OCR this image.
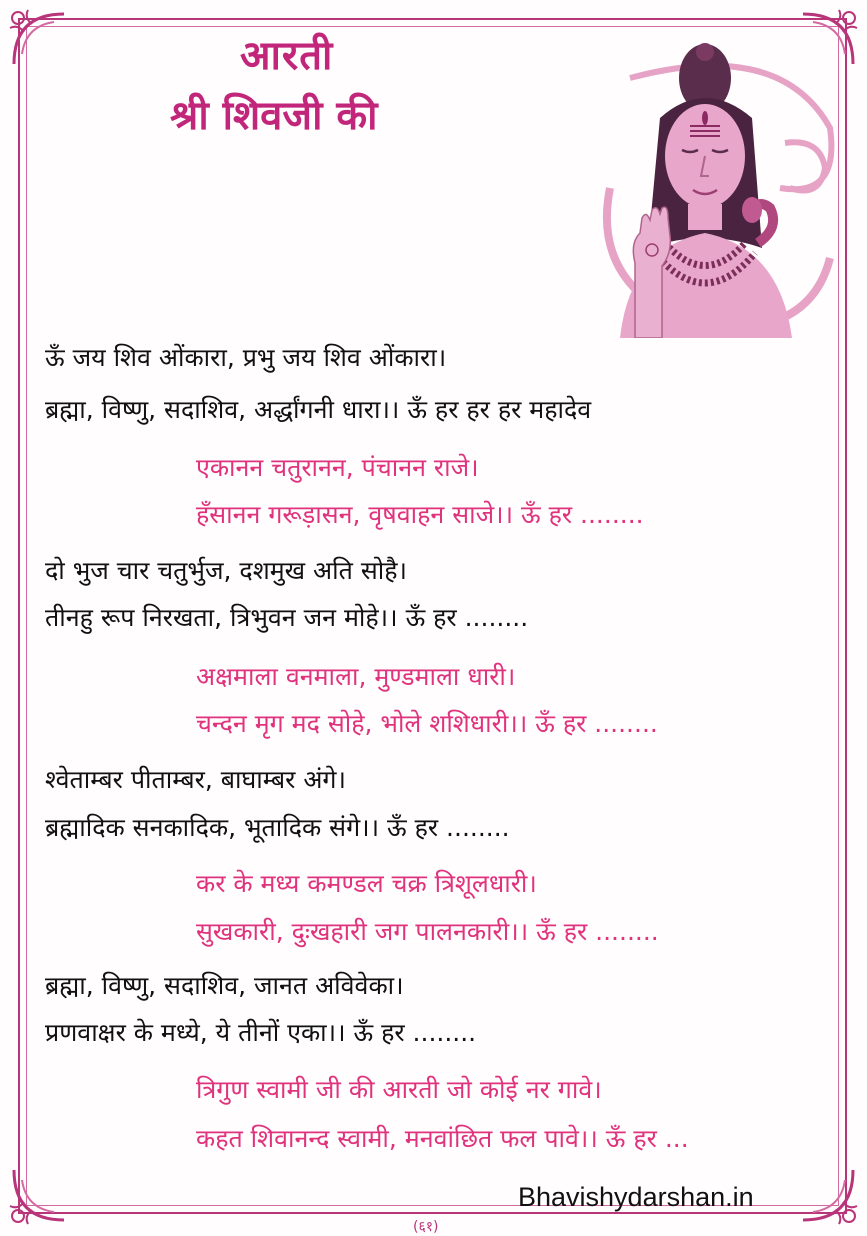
आरती
श्री शिवजी की
ऊँ जय शिव ओंकारा, प्रभु जय शिव ओंकारा।
ब्रह्मा, विष्णु, सदाशिव, अर्द्धांगनी धारा।। ऊँ हर हर हर महादेव
एकानन चतुरानन, पंचानन राजे।
हँसानन गरूड़ासन, वृषवाहन साजे।। ऊँ हर ........
दो भुज चार चतुर्भुज, दशमुख अति सोहै।
तीनहु रूप निरखता, त्रिभुवन जन मोहे।। ऊँ हर ........
अक्षमाला वनमाला, मुण्डमाला धारी।
चन्दन मृग मद सोहे, भोले शशिधारी।। ऊँ हर ........
श्वेताम्बर पीताम्बर, बाघाम्बर अंगे।
ब्रह्मादिक सनकादिक, भूतादिक संगे।। ऊँ हर ........
कर के मध्य कमण्डल चक्र त्रिशूलधारी।
सुखकारी, दुःखहारी जग पालनकारी।। ऊँ हर ........
ब्रह्मा, विष्णु, सदाशिव, जानत अविवेका।
प्रणवाक्षर के मध्ये, ये तीनों एका।। ऊँ हर ........
त्रिगुण स्वामी जी की आरती जो कोई नर गावे।
कहत शिवानन्द स्वामी, मनवांछित फल पावे।। ऊँ हर ...
Bhavishydarshan.in
(६१)
